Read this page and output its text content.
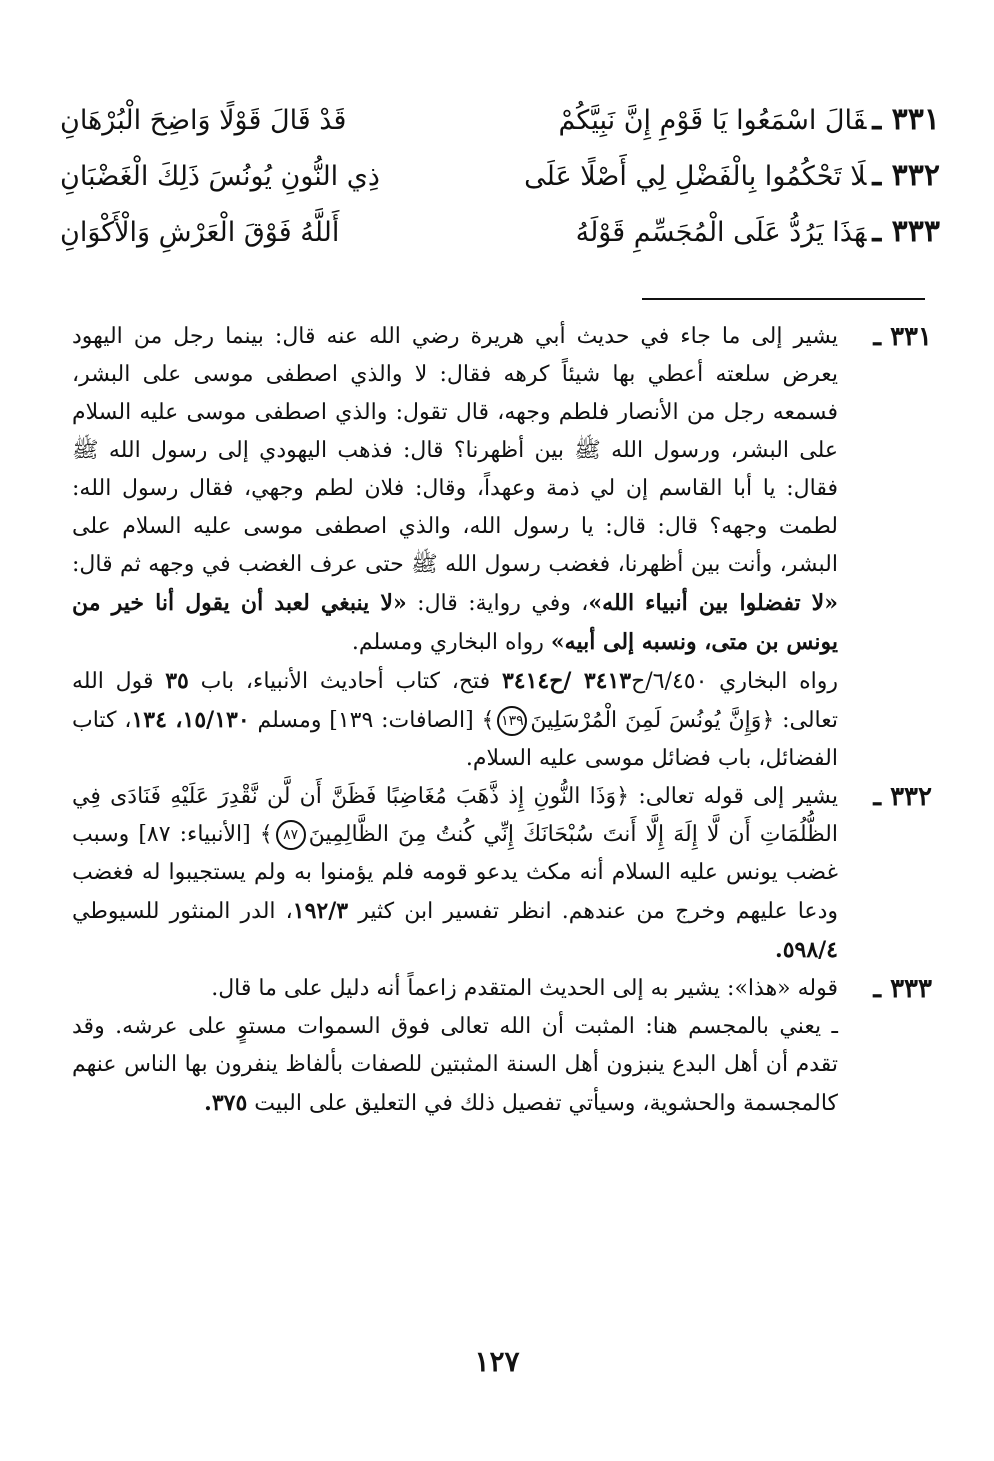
٣٣١ ـقَالَ اسْمَعُوا يَا قَوْمِ إِنَّ نَبِيَّكُمْ
قَدْ قَالَ قَوْلًا وَاضِحَ الْبُرْهَانِ
٣٣٢ ـلَا تَحْكُمُوا بِالْفَضْلِ لِي أَصْلًا عَلَى
ذِي النُّونِ يُونُسَ ذَلِكَ الْغَضْبَانِ
٣٣٣ ـهَذَا يَرُدُّ عَلَى الْمُجَسِّمِ قَوْلَهُ
أَللَّهُ فَوْقَ الْعَرْشِ وَالْأَكْوَانِ
٣٣١ ـ

يشير إلى ما جاء في حديث أبي هريرة رضي الله عنه قال: بينما رجل من اليهود يعرض سلعته أعطي بها شيئاً كرهه فقال: لا والذي اصطفى موسى على البشر، فسمعه رجل من الأنصار فلطم وجهه، قال تقول: والذي اصطفى موسى عليه السلام على البشر، ورسول الله ﷺ بين أظهرنا؟ قال: فذهب اليهودي إلى رسول الله ﷺ فقال: يا أبا القاسم إن لي ذمة وعهداً، وقال: فلان لطم وجهي، فقال رسول الله: لطمت وجهه؟ قال: قال: يا رسول الله، والذي اصطفى موسى عليه السلام على البشر، وأنت بين أظهرنا، فغضب رسول الله ﷺ حتى عرف الغضب في وجهه ثم قال: «لا تفضلوا بين أنبياء الله»، وفي رواية: قال: «لا ينبغي لعبد أن يقول أنا خير من يونس بن متى، ونسبه إلى أبيه» رواه البخاري ومسلم.

رواه البخاري ٦/٤٥٠/ح٣٤١٣ /ح٣٤١٤ فتح، كتاب أحاديث الأنبياء، باب ٣٥ قول الله تعالى: ﴿وَإِنَّ يُونُسَ لَمِنَ الْمُرْسَلِينَ١٣٩﴾ [الصافات: ١٣٩] ومسلم ١٥/١٣٠، ١٣٤، كتاب الفضائل، باب فضائل موسى عليه السلام.

٣٣٢ ـ

يشير إلى قوله تعالى: ﴿وَذَا النُّونِ إِذ ذَّهَبَ مُغَاضِبًا فَظَنَّ أَن لَّن نَّقْدِرَ عَلَيْهِ فَنَادَى فِي الظُّلُمَاتِ أَن لَّا إِلَهَ إِلَّا أَنتَ سُبْحَانَكَ إِنِّي كُنتُ مِنَ الظَّالِمِينَ٨٧﴾ [الأنبياء: ٨٧] وسبب غضب يونس عليه السلام أنه مكث يدعو قومه فلم يؤمنوا به ولم يستجيبوا له فغضب ودعا عليهم وخرج من عندهم. انظر تفسير ابن كثير ١٩٢/٣، الدر المنثور للسيوطي ٥٩٨/٤.

٣٣٣ ـ

قوله «هذا»: يشير به إلى الحديث المتقدم زاعماً أنه دليل على ما قال.

ـ يعني بالمجسم هنا: المثبت أن الله تعالى فوق السموات مستوٍ على عرشه. وقد تقدم أن أهل البدع ينبزون أهل السنة المثبتين للصفات بألفاظ ينفرون بها الناس عنهم كالمجسمة والحشوية، وسيأتي تفصيل ذلك في التعليق على البيت ٣٧٥.

١٢٧
